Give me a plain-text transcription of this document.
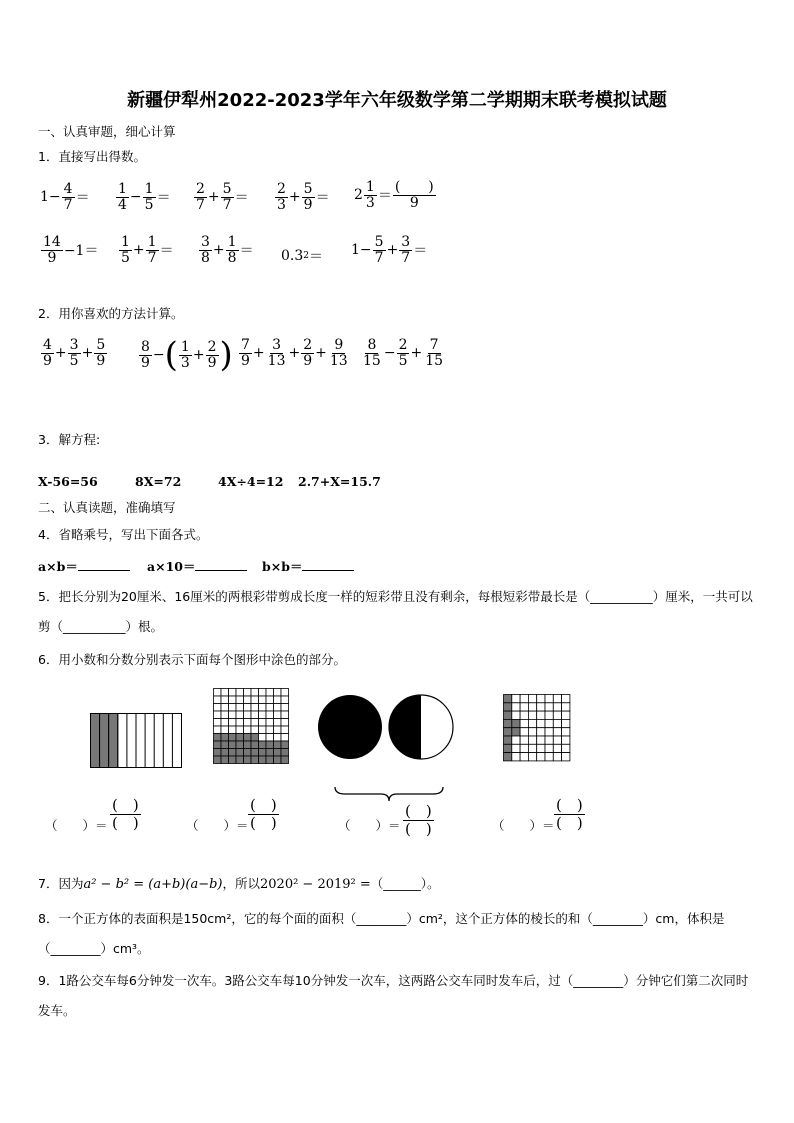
新疆伊犁州2022-2023学年六年级数学第二学期期末联考模拟试题
一、认真审题，细心计算
1．直接写出得数。
$1- \frac{4}{7} = \frac{1}{4} - \frac{1}{5} = \frac{2}{7} + \frac{5}{7} = \frac{2}{3} + \frac{5}{9} = 2 \frac{1}{3} = \frac{( )}{9}$
$\frac{14}{9} -1= \frac{1}{5} + \frac{1}{7} = \frac{3}{8} + \frac{1}{8} = 0.3$ $2 = 1- \frac{5}{7} + \frac{3}{7}$ ＝
2．用你喜欢的方法计算。
$\frac{4}{9} + \frac{3}{5} + \frac{5}{9} \frac{8}{9}$ − ( $\frac{1}{3} + \frac{2}{9}$ ) $\frac{7}{9} + \frac{3}{13} + \frac{2}{9} + \frac{9}{13} \frac{8}{15} - \frac{2}{5} + \frac{7}{15}$
3．解方程:
X-56=56	8X=72	4X÷4=12 2.7+X=15.7
二、认真读题，准确填写
4．省略乘号，写出下面各式。
a×b＝	a×10＝	b×b＝
5．把长分别为20厘米、16厘米的两根彩带剪成长度一样的短彩带且没有剩余，每根短彩带最长是（__________）厘米，一共可以剪（__________）根。
6．用小数和分数分别表示下面每个图形中涂色的部分。
（　　）＝
(　)
(　)	（　　）＝
(　)
(　)	（　　）＝
(　)
(　)	（　　）＝
(　)
(　)
7．因为a² − b² = (a+b)(a−b)，所以2020² − 2019² =（______）。
8．一个正方体的表面积是150cm²，它的每个面的面积（________）cm²，这个正方体的棱长的和（________）cm，体积是（________）cm³。
9．1路公交车每6分钟发一次车。3路公交车每10分钟发一次车，这两路公交车同时发车后，过（________）分钟它们第二次同时发车。
